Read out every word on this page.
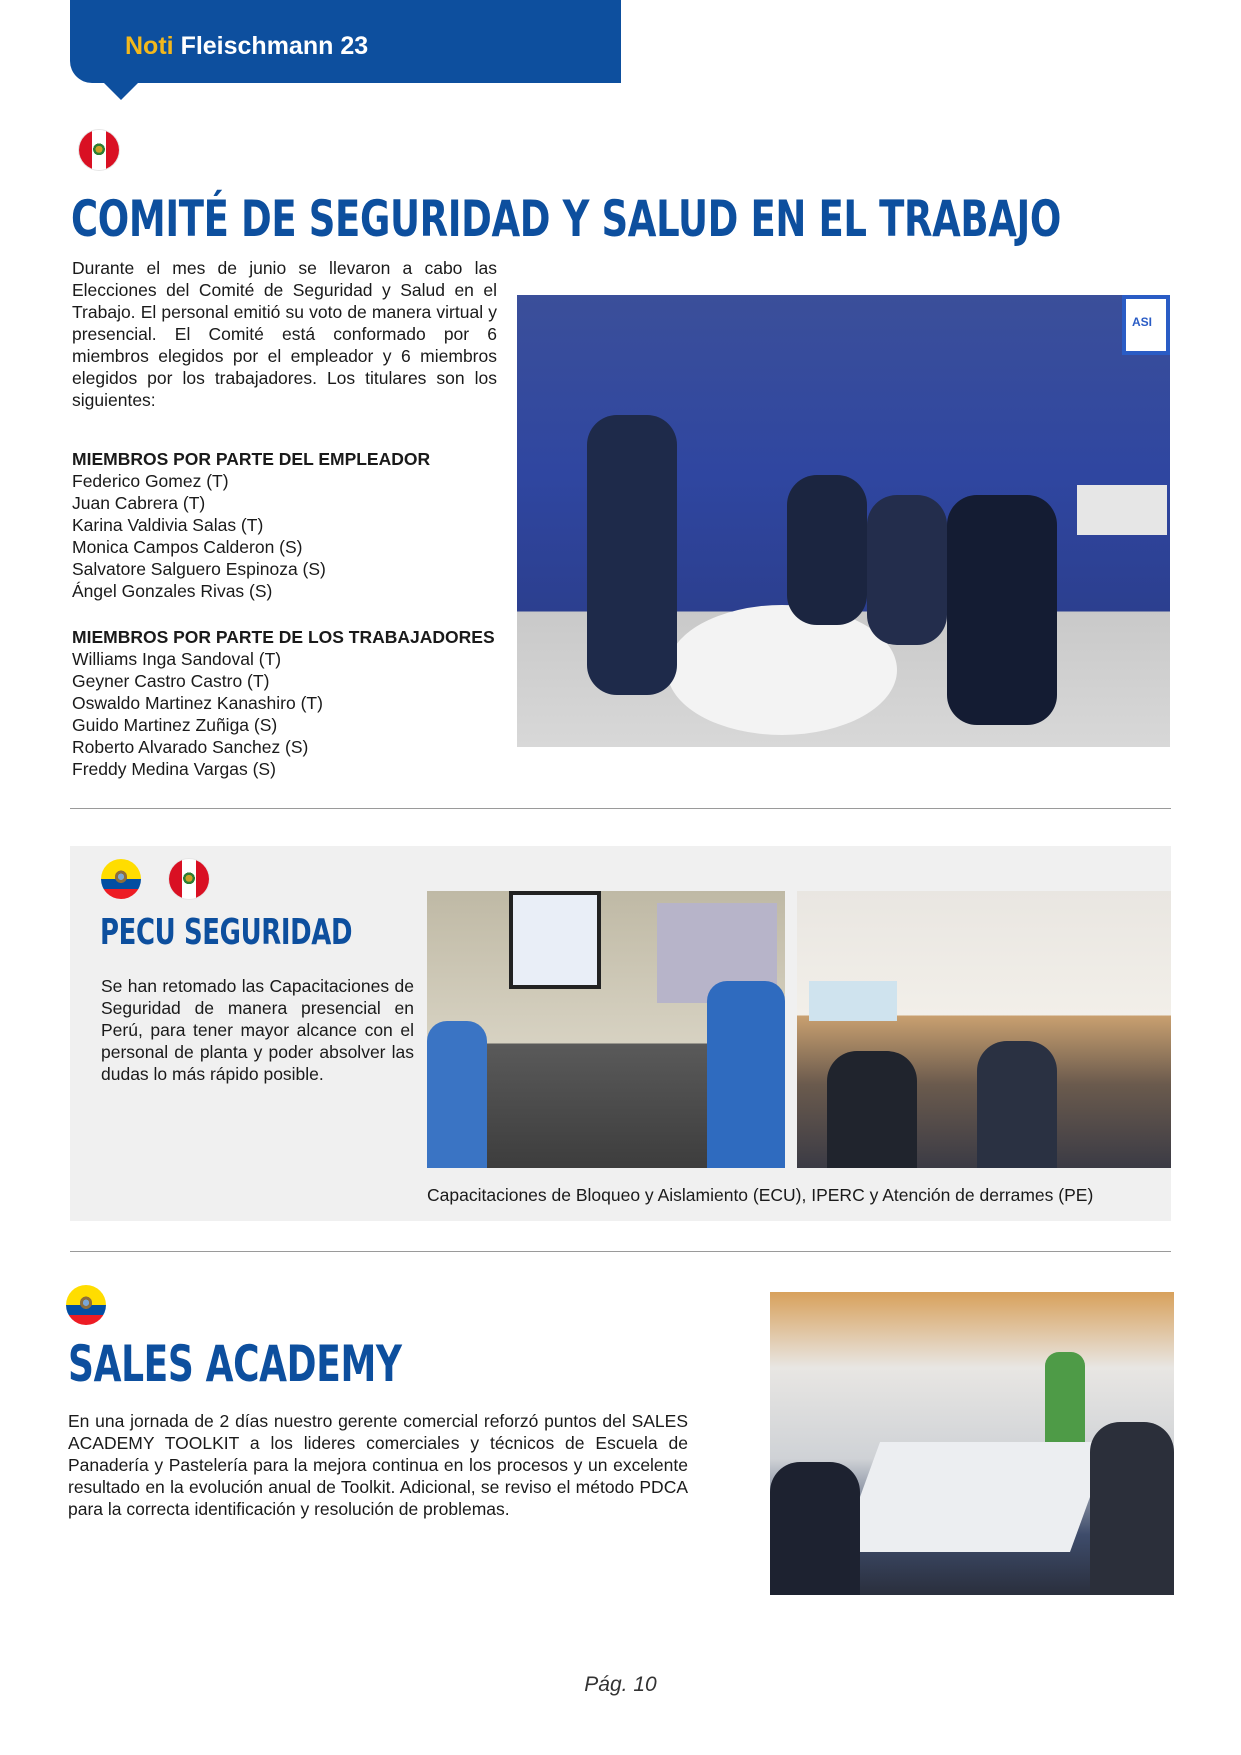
Noti Fleischmann 23
COMITÉ DE SEGURIDAD Y SALUD EN EL TRABAJO

Durante el mes de junio se llevaron a cabo las Elecciones del Comité de Seguridad y Salud en el Trabajo. El personal emitió su voto de manera virtual y presencial. El Comité está conformado por 6 miembros elegidos por el empleador y 6 miembros elegidos por los trabajadores. Los titulares son los siguientes:

MIEMBROS POR PARTE DEL EMPLEADOR
Federico Gomez (T)
Juan Cabrera (T)
Karina Valdivia Salas (T)
Monica Campos Calderon (S)
Salvatore Salguero Espinoza (S)
Ángel Gonzales Rivas (S)
MIEMBROS POR PARTE DE LOS TRABAJADORES
Williams Inga Sandoval (T)
Geyner Castro Castro (T)
Oswaldo Martinez Kanashiro (T)
Guido Martinez Zuñiga (S)
Roberto Alvarado Sanchez (S)
Freddy Medina Vargas (S)
ASI
PECU SEGURIDAD

Se han retomado las Capacitaciones de Seguridad de manera presencial en Perú, para tener mayor alcance con el personal de planta y poder absolver las dudas lo más rápido posible.

Capacitaciones de Bloqueo y Aislamiento (ECU), IPERC y Atención de derrames (PE)
SALES ACADEMY

En una jornada de 2 días nuestro gerente comercial reforzó puntos del SALES ACADEMY TOOLKIT a los lideres comerciales y técnicos de Escuela de Panadería y Pastelería para la mejora continua en los procesos y un excelente resultado en la evolución anual de Toolkit. Adicional, se reviso el método PDCA para la correcta identificación y resolución de problemas.

Pág. 10
